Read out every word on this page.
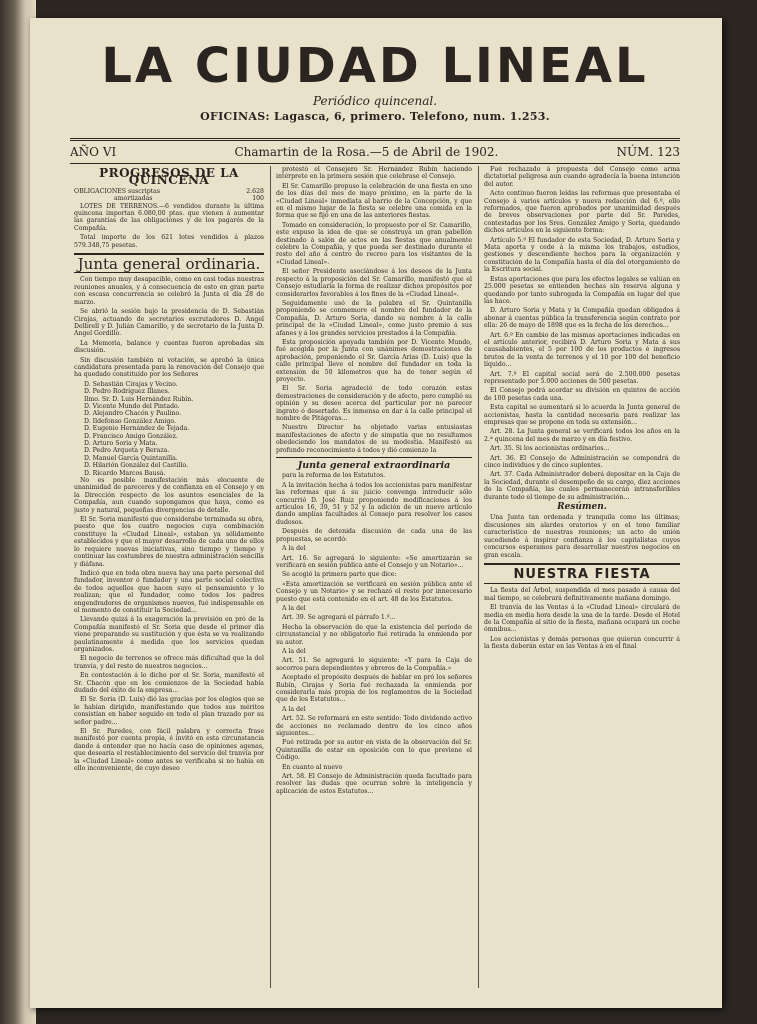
LA CIUDAD LINEAL
Periódico quincenal.
OFICINAS: Lagasca, 6, primero. Telefono, num. 1.253.
AÑO VI	Chamartin de la Rosa.—5 de Abril de 1902.	NÚM. 123
PROGRESOS DE LA QUINCENA
OBLIGACIONES suscriptas	2.628
amortizadas	100
LOTES DE TERRENOS.—6 vendidos durante la última quincena importan 6.080,00 ptas. que vienen á aumentar las garantías de las obligaciones y de los pagarés de la Compañía.
Total importe de los 621 lotes vendidos á plazos 579.348,75 pesetas.
Junta general ordinaria.
Con tiempo muy desapacible, como en casi todas nuestras reuniones anuales, y á consecuencia de esto en gran parte con escasa concurrencia se celebró la Junta el día 28 de marzo.
Se abrió la sesión bajo la presidencia de D. Sebastián Cirajas, actuando de secretarios escrutadores D. Angel Delbrell y D. Julián Camarillo, y de secretario de la Junta D. Angel Gordillo.
La Memoria, balance y cuentas fueron aprobadas sin discusión.
Sin discusión también ni votación, se aprobó la única candidatura presentada para la renovación del Consejo que ha quedado constituído por los Señores
D. Sebastián Cirajas y Vecino.
D. Pedro Rodríguez Illanes.
Ilmo. Sr. D. Luis Hernández Rubín.
D. Vicente Mundo del Pintado.
D. Alejandro Chacón y Paulino.
D. Ildefonso González Amigo.
D. Eugenio Hernández de Tejada.
D. Francisco Amigo González.
D. Arturo Soria y Mata.
D. Pedro Arqueta y Beraza.
D. Manuel García Quintanilla.
D. Hilarión González del Castillo.
D. Ricardo Marcos Bausá.
No es posible manifestación más elocuente de unanimidad de pareceres y de confianza en el Consejo y en la Dirección respecto de los asuntos esenciales de la Compañía, aun cuando supongamos que haya, como es justo y natural, pequeñas divergencias de detalle.
El Sr. Soria manifestó que considerabe terminada su obra, puesto que los cuatro negocios cuya combinación constituye la «Ciudad Lineal», estaban ya sólidamente establecidos y que el mayor desarrollo de cada uno de ellos lo requiere nuevas iniciativas, sino tiempo y tiempo y continuar las costumbres de nuestra administración sencilla y diáfana.
Indicó que en toda obra nueva hay una parte personal del fundador, inventor ó fundador y una parte social colectiva de todos aquellos que hacen suyo el pensamiento y lo realizan; que el fundador, como todos los padres engendradores de organismos nuevos, fué indispensable en el momento de constituir la Sociedad...
Llevando quizá á la exageración la previsión en pró de la Compañía manifestó el Sr. Soria que desde el primer día viene preparando su sustitución y que ésta se va realizando paulatinamente á medida que los servicios quedan organizados.
El negocio de terrenos se ofrece más dificultad que la del tranvía, y del resto de nuestros negocios...
En contestación á lo dicho por el Sr. Soria, manifestó el Sr. Chacón que en los comienzos de la Sociedad había dudado del éxito de la empresa...
El Sr. Soria (D. Luis) dió las gracias por los elogios que se le habían dirigido, manifestando que todos sus méritos consistían en haber seguido en todo el plan trazado por su señor padre...
El Sr. Paredes, con fácil palabra y correcta frase manifestó por cuenta propia, é invitó en esta circunstancia dando á entender que no hacía caso de opiniones agenas, que desearía el restablecimiento del servicio del tranvía por la «Ciudad Lineal» como antes se verificaba si no había en ello inconveniente, de cuyo deseo
protestó el Consejero Sr. Hernández Rubín haciendo intérprete en la primera sesión que celebrase el Consejo.
El Sr. Camarillo propuso la celebración de una fiesta en uno de los días del mes de mayo próximo, en la parte de la «Ciudad Lineal» inmediata al barrio de la Concepción, y que en el mismo lugar de la fiesta se celebre una comida en la forma que se fijó en una de las anteriores fiestas.
Tomado en consideración, lo propuesto por el Sr. Camarillo, este expuso la idea de que se construya un gran pabellón destinado á salón de actos en las fiestas que anualmente celebre la Compañía, y que pueda ser destinado durante el resto del año á centro de recreo para los visitantes de la «Ciudad Lineal».
El señor Presidente asociándose á los deseos de la Junta respecto á la proposición del Sr. Camarillo, manifestó que el Consejo estudiaría la forma de realizar dichos propósitos por considerarlos favorables á los fines de la «Ciudad Lineal».
Seguidamente usó de la palabra el Sr. Quintanilla proponiendo se conmemore el nombre del fundador de la Compañía, D. Arturo Soria, dando su nombre á la calle principal de la «Ciudad Lineal», como justo premio á sus afanes y á los grandes servicios prestados á la Compañía.
Esta proposición apoyada también por D. Vicente Mundo, fué acogida por la Junta con unánimes demostraciones de aprobación, proponiendo el Sr. García Arias (D. Luis) que la calle principal lleve el nombre del fundador en toda la extensión de 50 kilometros que ha de tener según el proyecto.
El Sr. Soria agradeció de todo corazón estas demostraciones de consideración y de afecto, pero cumplió su opinión y su deseo acerca del particular por no parecer ingrato ó desertado. Es inmensa en dar á la calle principal el nombre de Pitágoras...
Nuestro Director ha objetado varias entusiastas manifestaciones de afecto y de simpatía que no resultamos obedeciendo los mandatos de su modestia. Manifestó su profundo reconocimiento á todos y dió comienzo la
Junta general extraordinaria
para la reforma de los Estatutos.
A la invitación hecha á todos los accionistas para manifestar las reformas que á su juicio convenga introducir sólo concurrió D. José Ruiz proponiendo modificaciones á los artículos 16, 39, 51 y 52 y la adición de un nuevo artículo dando amplias facultades al Consejo para resolver los casos dudosos.
Después de detenida discusión de cada una de las propuestas, se acordó:
A la del
Art. 16. Se agregará lo siguiente: «Se amortizarán se verificará en sesión pública ante el Consejo y un Notario»...
Se acogió la primera parte que dice:
«Esta amortización se verificará en sesión pública ante el Consejo y un Notario» y se rechazó el resto por innecesario puesto que está contenido en el art. 48 de los Estatutos.
A la del
Art. 39. Se agregará el párrafo 1.º...
Hecha la observación de que la existencia del período de circunstancial y no obligatorio fué retirada la enmienda por su autor.
A la del
Art. 51. Se agregará lo siguiente: «Y para la Caja de socorros para dependientes y obreros de la Compañía.»
Aceptado el propósito después de hablar en pró los señores Rubín, Cirajas y Soria fué rechazada la enmienda por considerarla más propia de los reglamentos de la Sociedad que de los Estatutos...
A la del
Art. 52. Se reformará en este sentido: Todo dividendo activo de acciones no reclamado dentro de los cinco años siguientes...
Fué retirada por su autor en vista de la observación del Sr. Quintanilla de estar en oposición con lo que previene el Código.
En cuanto al nuevo
Art. 58. El Consejo de Administración queda facultado para resolver las dudas que ocurran sobre la inteligencia y aplicación de estos Estatutos...
Fué rechazado á propuesta del Consejo como arma dictatorial peligrosa aun cuando agradecía la buena intención del autor.
Acto continuo fueron leídas las reformas que presentaba el Consejo á varios artículos y nueva redacción del 6.º, ello reformados, que fueron aprobados por unanimidad después de breves observaciones por parte del Sr. Paredes, contestadas por los Sres. González Amigo y Soria, quedando dichos artículos en la siguiente forma:
Artículo 5.º El fundador de esta Sociedad, D. Arturo Soria y Mata aporta y cede á la misma los trabajos, estudios, gestiones y descendiente hechos para la organización y constitución de la Compañía hasta el día del otorgamiento de la Escritura social.
Estas aportaciones que para los efectos legales se valúan en 25.000 pesetas se entienden hechas sin reserva alguna y quedando por tanto subrogada la Compañía en lugar del que las hace.
D. Arturo Soria y Mata y la Compañía quedan obligados á abonar á cuentas pública la transferencia según contrato por ella: 26 de mayo de 1898 que es la fecha de los derechos...
Art. 6.º En cambio de las mismas aportaciones indicadas en el artículo anterior, recibirá D. Arturo Soria y Mata á sus causahabientes, el 5 por 100 de los productos é ingresos brutos de la venta de terrenos y el 10 por 100 del beneficio líquido...
Art. 7.º El capital social será de 2.500.000 pesetas representado por 5.000 acciones de 500 pesetas.
El Consejo podrá acordar su división en quintos de acción de 100 pesetas cada una.
Esta capital se aumentará si lo acuerda la Junta general de accionistas, hasta la cantidad necesaria para realizar las empresas que se propone en toda su extensión...
Art. 28. La Junta general se verificará todos los años en la 2.ª quincena del mes de marzo y en día festivo.
Art. 35. Si los accionistas ordinarios...
Art. 36. El Consejo de Administración se compondrá de cinco individuos y de cinco suplentes.
Art. 37. Cada Administrador deberá depositar en la Caja de la Sociedad, durante el desempeño de su cargo, diez acciones de la Compañía, las cuales permanecerán intransferibles durante todo el tiempo de su administración...
Resúmen.
Una Junta tan ordenada y tranquila como las últimas; discusiones sin alardes oratorios y en el tono familiar característico de nuestras reuniones; un acto de unión sucediendo á inspirar confianza á los capitalistas cuyos concursos esperamos para desarrollar nuestros negocios en gran escala.
NUESTRA FIESTA
La fiesta del Árbol, suspendida el mes pasado á causa del mal tiempo, se celebrará definitivamente mañana domingo.
El tranvía de las Ventas á la «Ciudad Lineal» circulará de media en media hora desde la una de la tarde. Desde el Hotel de la Compañía al sitio de la fiesta, mañana ocupará un coche ómnibus...
Los accionistas y demás personas que quieran concurrir á la fiesta deberán estar en las Ventas á en el final
